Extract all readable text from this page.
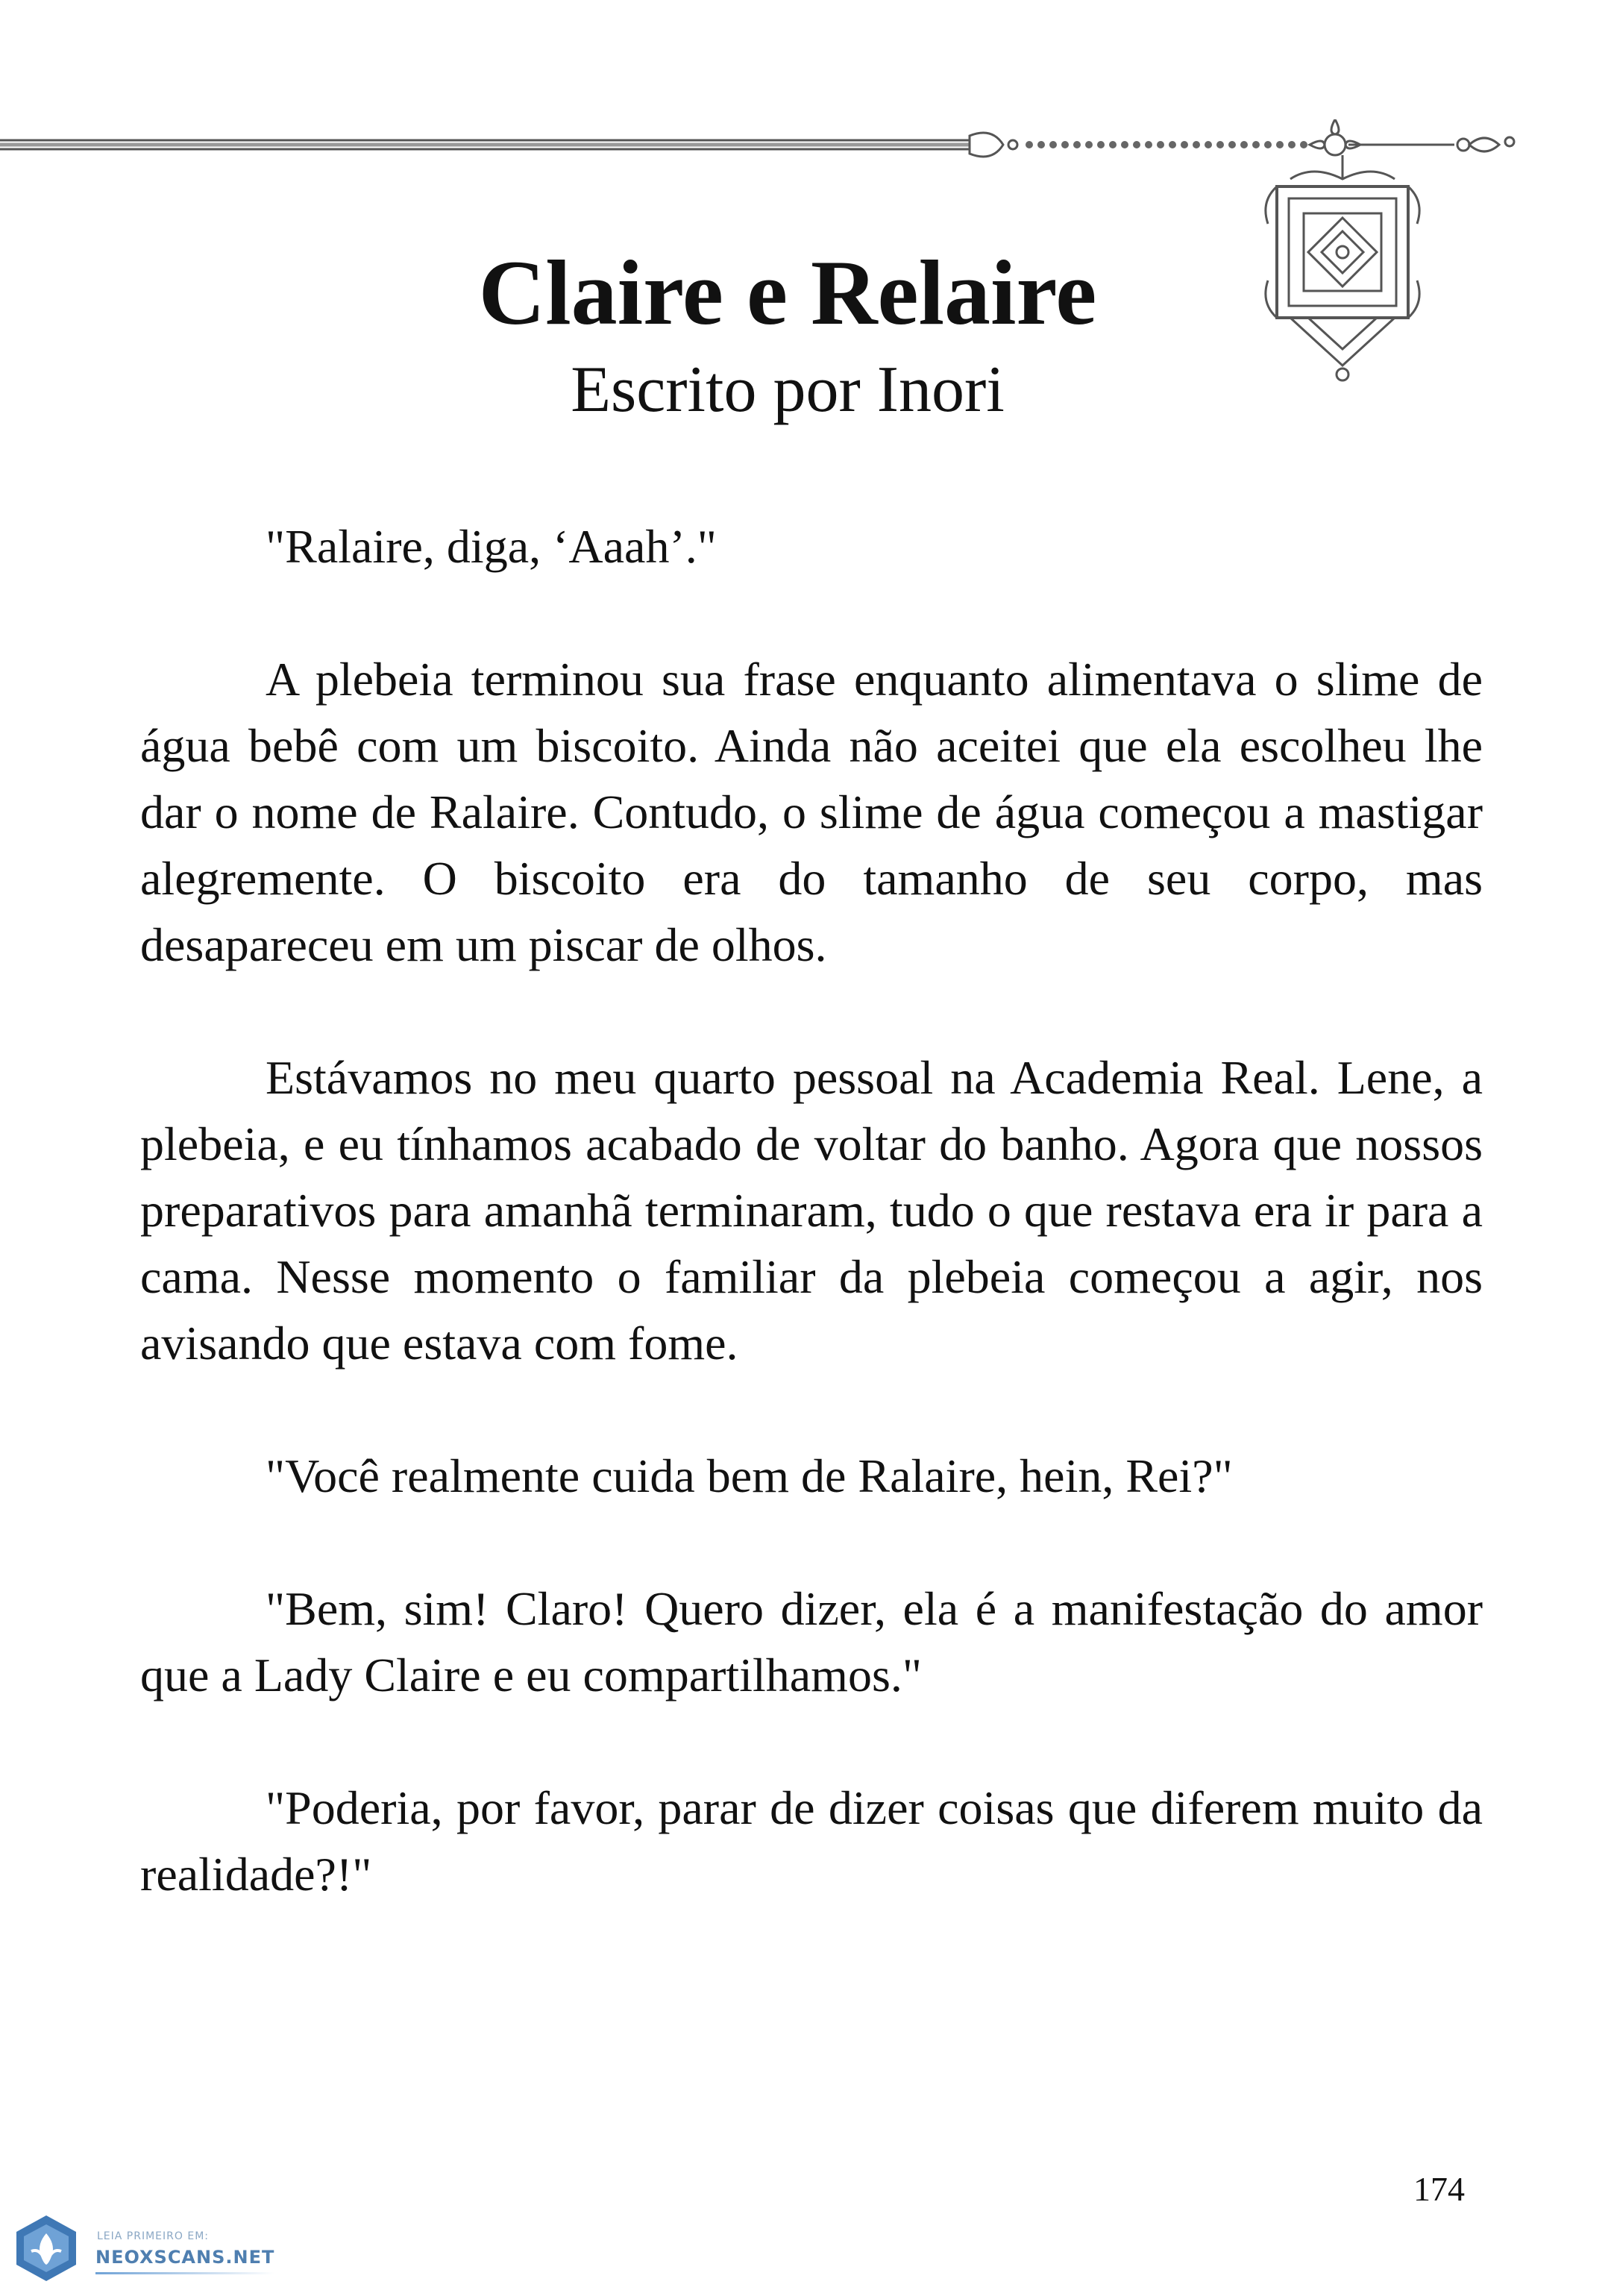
Claire e Relaire
Escrito por Inori

"Ralaire, diga, ‘Aaah’."

A plebeia terminou sua frase enquanto alimentava o slime de água bebê com um biscoito. Ainda não aceitei que ela escolheu lhe dar o nome de Ralaire. Contudo, o slime de água começou a mastigar alegremente. O biscoito era do tamanho de seu corpo, mas desapareceu em um piscar de olhos.

Estávamos no meu quarto pessoal na Academia Real. Lene, a plebeia, e eu tínhamos acabado de voltar do banho. Agora que nossos preparativos para amanhã terminaram, tudo o que restava era ir para a cama. Nesse momento o familiar da plebeia começou a agir, nos avisando que estava com fome.

"Você realmente cuida bem de Ralaire, hein, Rei?"

"Bem, sim! Claro! Quero dizer, ela é a manifestação do amor que a Lady Claire e eu compartilhamos."

"Poderia, por favor, parar de dizer coisas que diferem muito da realidade?!"

174
LEIA PRIMEIRO EM:
NEOXSCANS.NET
